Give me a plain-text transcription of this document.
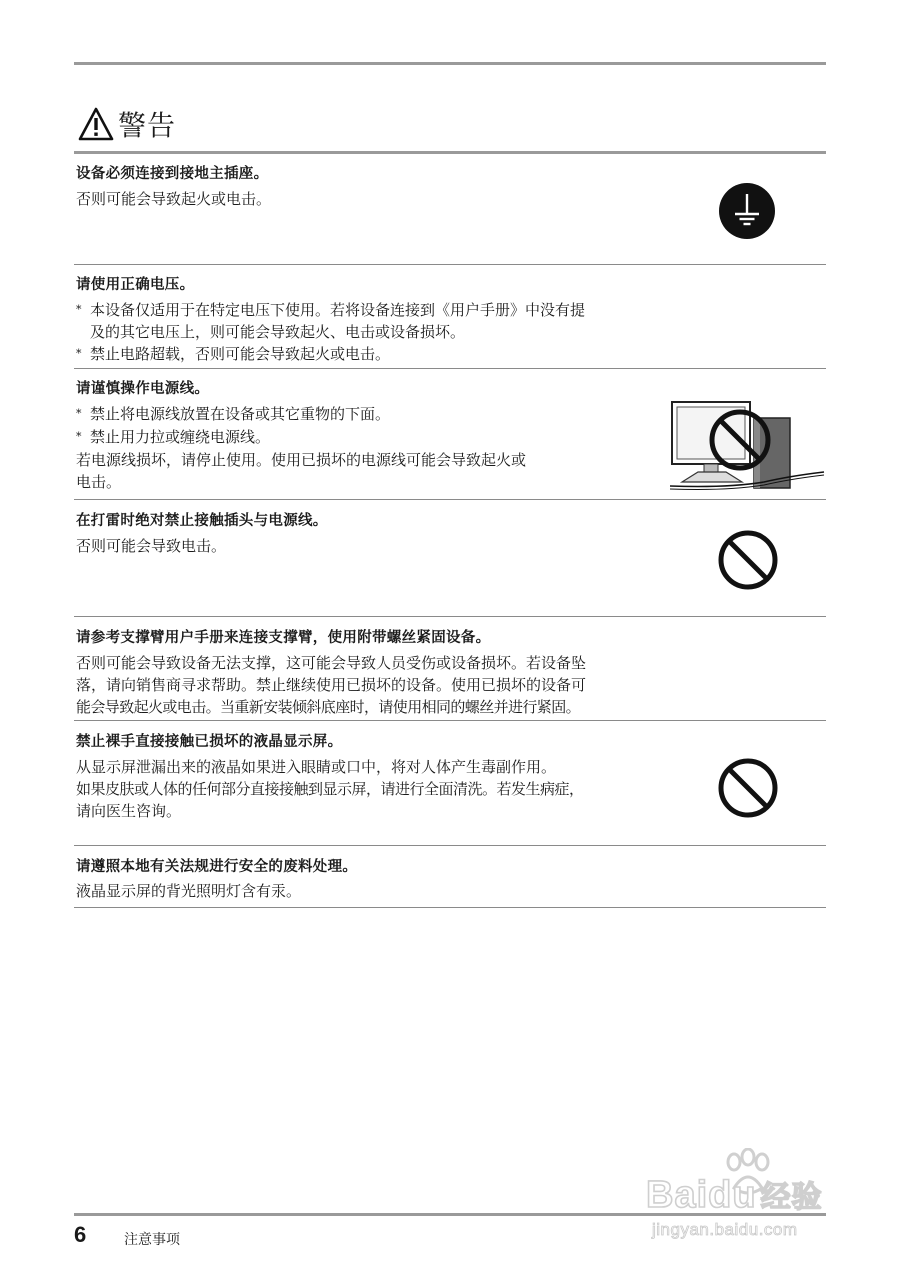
警告
设备必须连接到接地主插座。
否则可能会导致起火或电击。
请使用正确电压。
* 本设备仅适用于在特定电压下使用。若将设备连接到《用户手册》中没有提
及的其它电压上，则可能会导致起火、电击或设备损坏。
* 禁止电路超载，否则可能会导致起火或电击。
请谨慎操作电源线。
* 禁止将电源线放置在设备或其它重物的下面。
* 禁止用力拉或缠绕电源线。
若电源线损坏，请停止使用。使用已损坏的电源线可能会导致起火或
电击。
在打雷时绝对禁止接触插头与电源线。
否则可能会导致电击。
请参考支撑臂用户手册来连接支撑臂，使用附带螺丝紧固设备。
否则可能会导致设备无法支撑，这可能会导致人员受伤或设备损坏。若设备坠
落，请向销售商寻求帮助。禁止继续使用已损坏的设备。使用已损坏的设备可
能会导致起火或电击。当重新安装倾斜底座时，请使用相同的螺丝并进行紧固。
禁止裸手直接接触已损坏的液晶显示屏。
从显示屏泄漏出来的液晶如果进入眼睛或口中，将对人体产生毒副作用。
如果皮肤或人体的任何部分直接接触到显示屏，请进行全面清洗。若发生病症，
请向医生咨询。
请遵照本地有关法规进行安全的废料处理。
液晶显示屏的背光照明灯含有汞。
6	注意事项
Baidu 经验
jingyan.baidu.com
